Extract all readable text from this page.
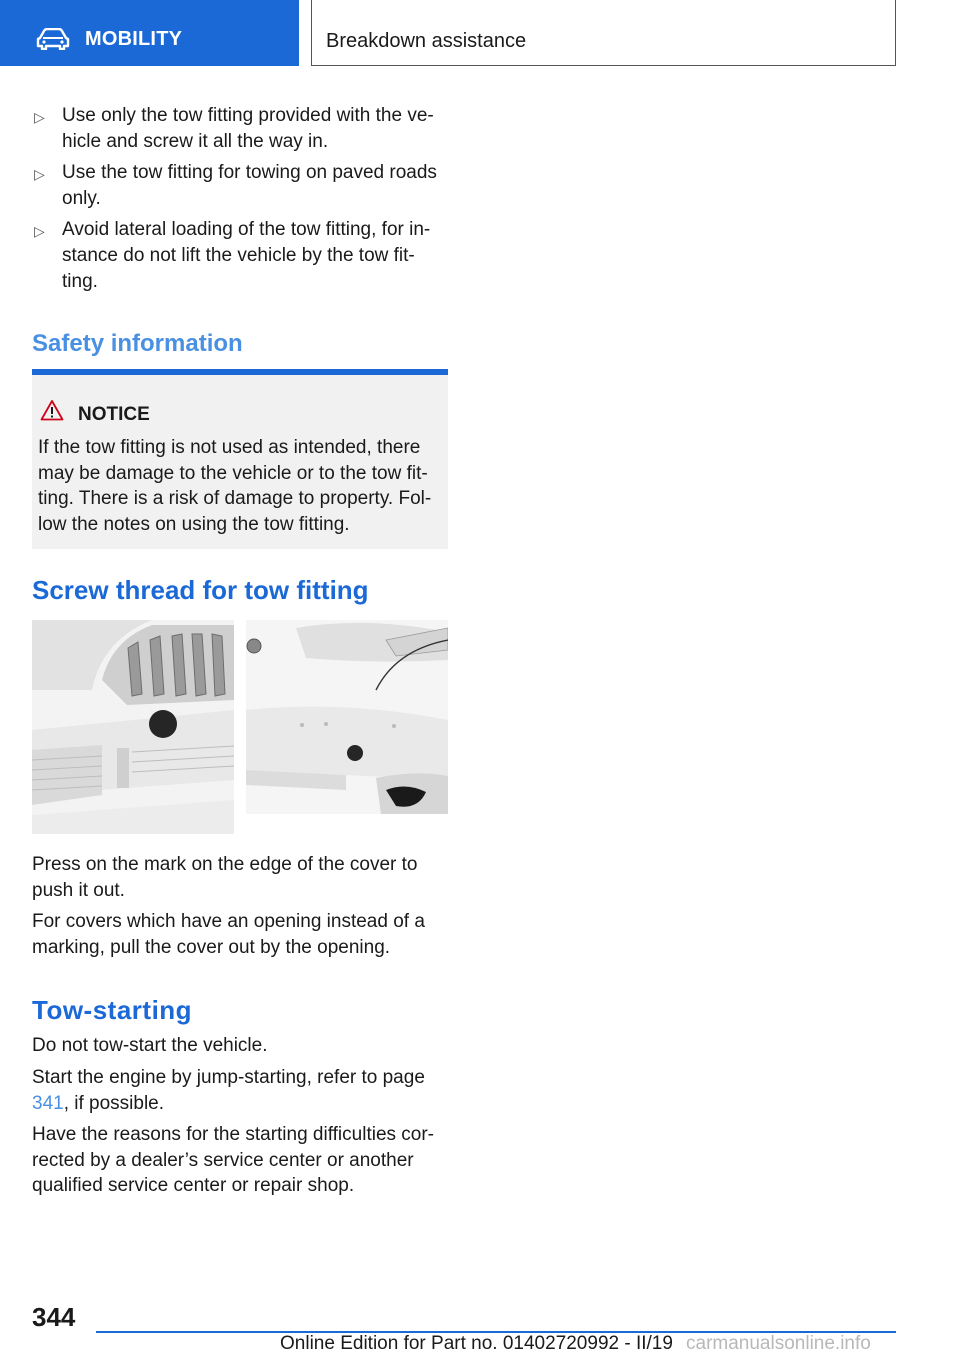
MOBILITY	Breakdown assistance
▷ Use only the tow fitting provided with the ve-hicle and screw it all the way in.
▷ Use the tow fitting for towing on paved roads only.
▷ Avoid lateral loading of the tow fitting, for in-stance do not lift the vehicle by the tow fit-ting.
Safety information
NOTICE
If the tow fitting is not used as intended, there may be damage to the vehicle or to the tow fit-ting. There is a risk of damage to property. Fol-low the notes on using the tow fitting.
Screw thread for tow fitting
Press on the mark on the edge of the cover to push it out.
For covers which have an opening instead of a marking, pull the cover out by the opening.
Tow-starting
Do not tow-start the vehicle.
Start the engine by jump-starting, refer to page 341, if possible.
Have the reasons for the starting difficulties cor-rected by a dealer’s service center or another qualified service center or repair shop.
344
Online Edition for Part no. 01402720992 - II/19 carmanualsonline.info
